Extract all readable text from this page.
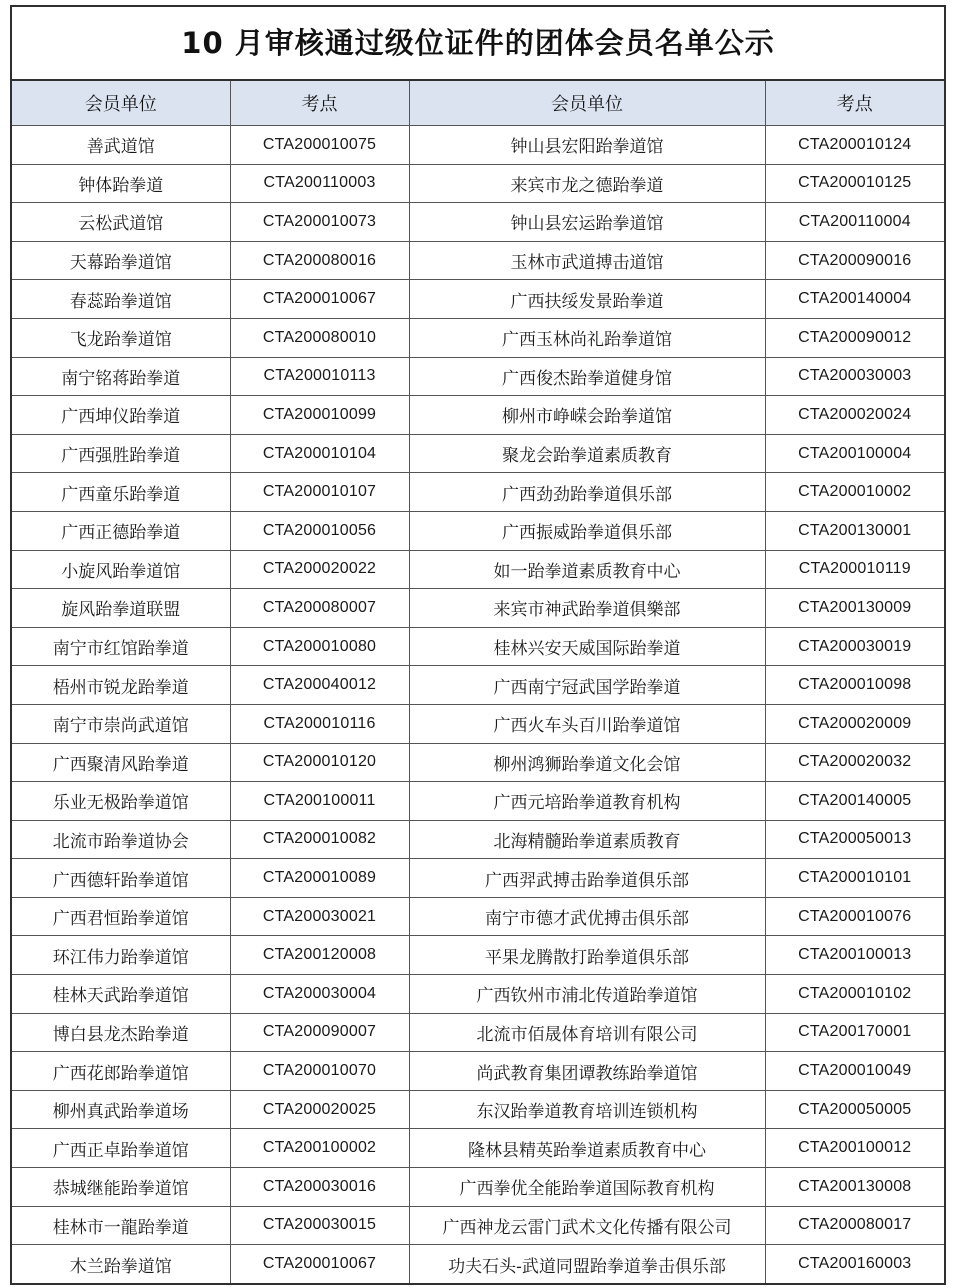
10 月审核通过级位证件的团体会员名单公示
会员单位	考点	会员单位	考点
善武道馆	CTA200010075	钟山县宏阳跆拳道馆	CTA200010124
钟体跆拳道	CTA200110003	来宾市龙之德跆拳道	CTA200010125
云松武道馆	CTA200010073	钟山县宏运跆拳道馆	CTA200110004
天幕跆拳道馆	CTA200080016	玉林市武道搏击道馆	CTA200090016
春蕊跆拳道馆	CTA200010067	广西扶绥发景跆拳道	CTA200140004
飞龙跆拳道馆	CTA200080010	广西玉林尚礼跆拳道馆	CTA200090012
南宁铭蒋跆拳道	CTA200010113	广西俊杰跆拳道健身馆	CTA200030003
广西坤仪跆拳道	CTA200010099	柳州市峥嵘会跆拳道馆	CTA200020024
广西强胜跆拳道	CTA200010104	聚龙会跆拳道素质教育	CTA200100004
广西童乐跆拳道	CTA200010107	广西劲劲跆拳道俱乐部	CTA200010002
广西正德跆拳道	CTA200010056	广西振威跆拳道俱乐部	CTA200130001
小旋风跆拳道馆	CTA200020022	如一跆拳道素质教育中心	CTA200010119
旋风跆拳道联盟	CTA200080007	来宾市神武跆拳道俱樂部	CTA200130009
南宁市红馆跆拳道	CTA200010080	桂林兴安天威国际跆拳道	CTA200030019
梧州市锐龙跆拳道	CTA200040012	广西南宁冠武国学跆拳道	CTA200010098
南宁市崇尚武道馆	CTA200010116	广西火车头百川跆拳道馆	CTA200020009
广西聚清风跆拳道	CTA200010120	柳州鸿狮跆拳道文化会馆	CTA200020032
乐业无极跆拳道馆	CTA200100011	广西元培跆拳道教育机构	CTA200140005
北流市跆拳道协会	CTA200010082	北海精髓跆拳道素质教育	CTA200050013
广西德轩跆拳道馆	CTA200010089	广西羿武搏击跆拳道俱乐部	CTA200010101
广西君恒跆拳道馆	CTA200030021	南宁市德才武优搏击俱乐部	CTA200010076
环江伟力跆拳道馆	CTA200120008	平果龙腾散打跆拳道俱乐部	CTA200100013
桂林天武跆拳道馆	CTA200030004	广西钦州市浦北传道跆拳道馆	CTA200010102
博白县龙杰跆拳道	CTA200090007	北流市佰晟体育培训有限公司	CTA200170001
广西花郎跆拳道馆	CTA200010070	尚武教育集团谭教练跆拳道馆	CTA200010049
柳州真武跆拳道场	CTA200020025	东汉跆拳道教育培训连锁机构	CTA200050005
广西正卓跆拳道馆	CTA200100002	隆林县精英跆拳道素质教育中心	CTA200100012
恭城继能跆拳道馆	CTA200030016	广西拳优全能跆拳道国际教育机构	CTA200130008
桂林市一龍跆拳道	CTA200030015	广西神龙云雷门武术文化传播有限公司	CTA200080017
木兰跆拳道馆	CTA200010067	功夫石头-武道同盟跆拳道拳击俱乐部	CTA200160003
